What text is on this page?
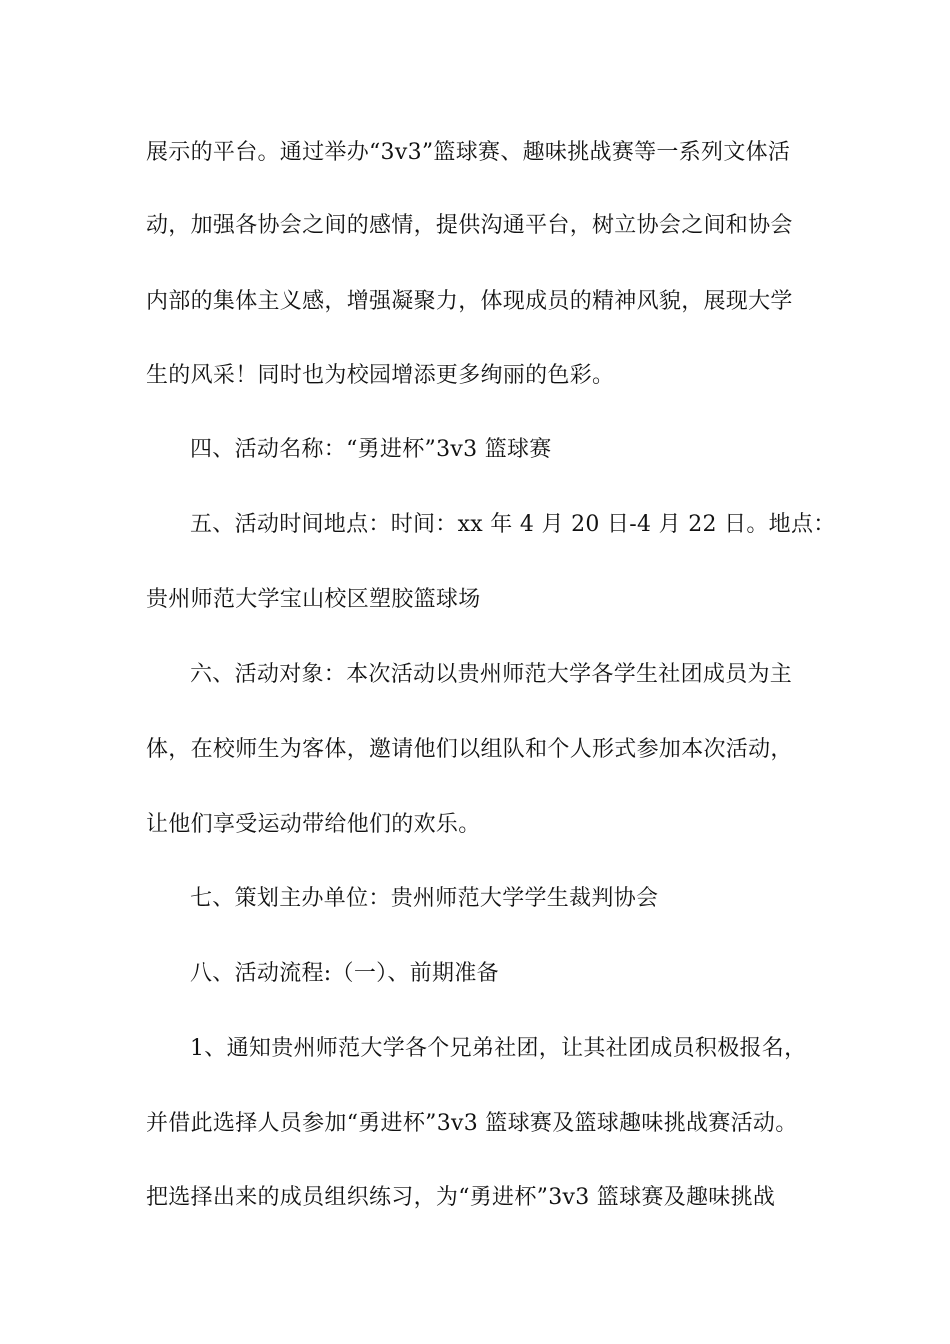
展示的平台。通过举办“3v3”篮球赛、趣味挑战赛等一系列文体活
动，加强各协会之间的感情，提供沟通平台，树立协会之间和协会
内部的集体主义感，增强凝聚力，体现成员的精神风貌，展现大学
生的风采！同时也为校园增添更多绚丽的色彩。
四、活动名称：“勇进杯”3v3 篮球赛
五、活动时间地点：时间：xx 年 4 月 20 日-4 月 22 日。地点：
贵州师范大学宝山校区塑胶篮球场
六、活动对象：本次活动以贵州师范大学各学生社团成员为主
体，在校师生为客体，邀请他们以组队和个人形式参加本次活动，
让他们享受运动带给他们的欢乐。
七、策划主办单位：贵州师范大学学生裁判协会
八、活动流程:（一）、前期准备
1、通知贵州师范大学各个兄弟社团，让其社团成员积极报名，
并借此选择人员参加“勇进杯”3v3 篮球赛及篮球趣味挑战赛活动。
把选择出来的成员组织练习，为“勇进杯”3v3 篮球赛及趣味挑战
